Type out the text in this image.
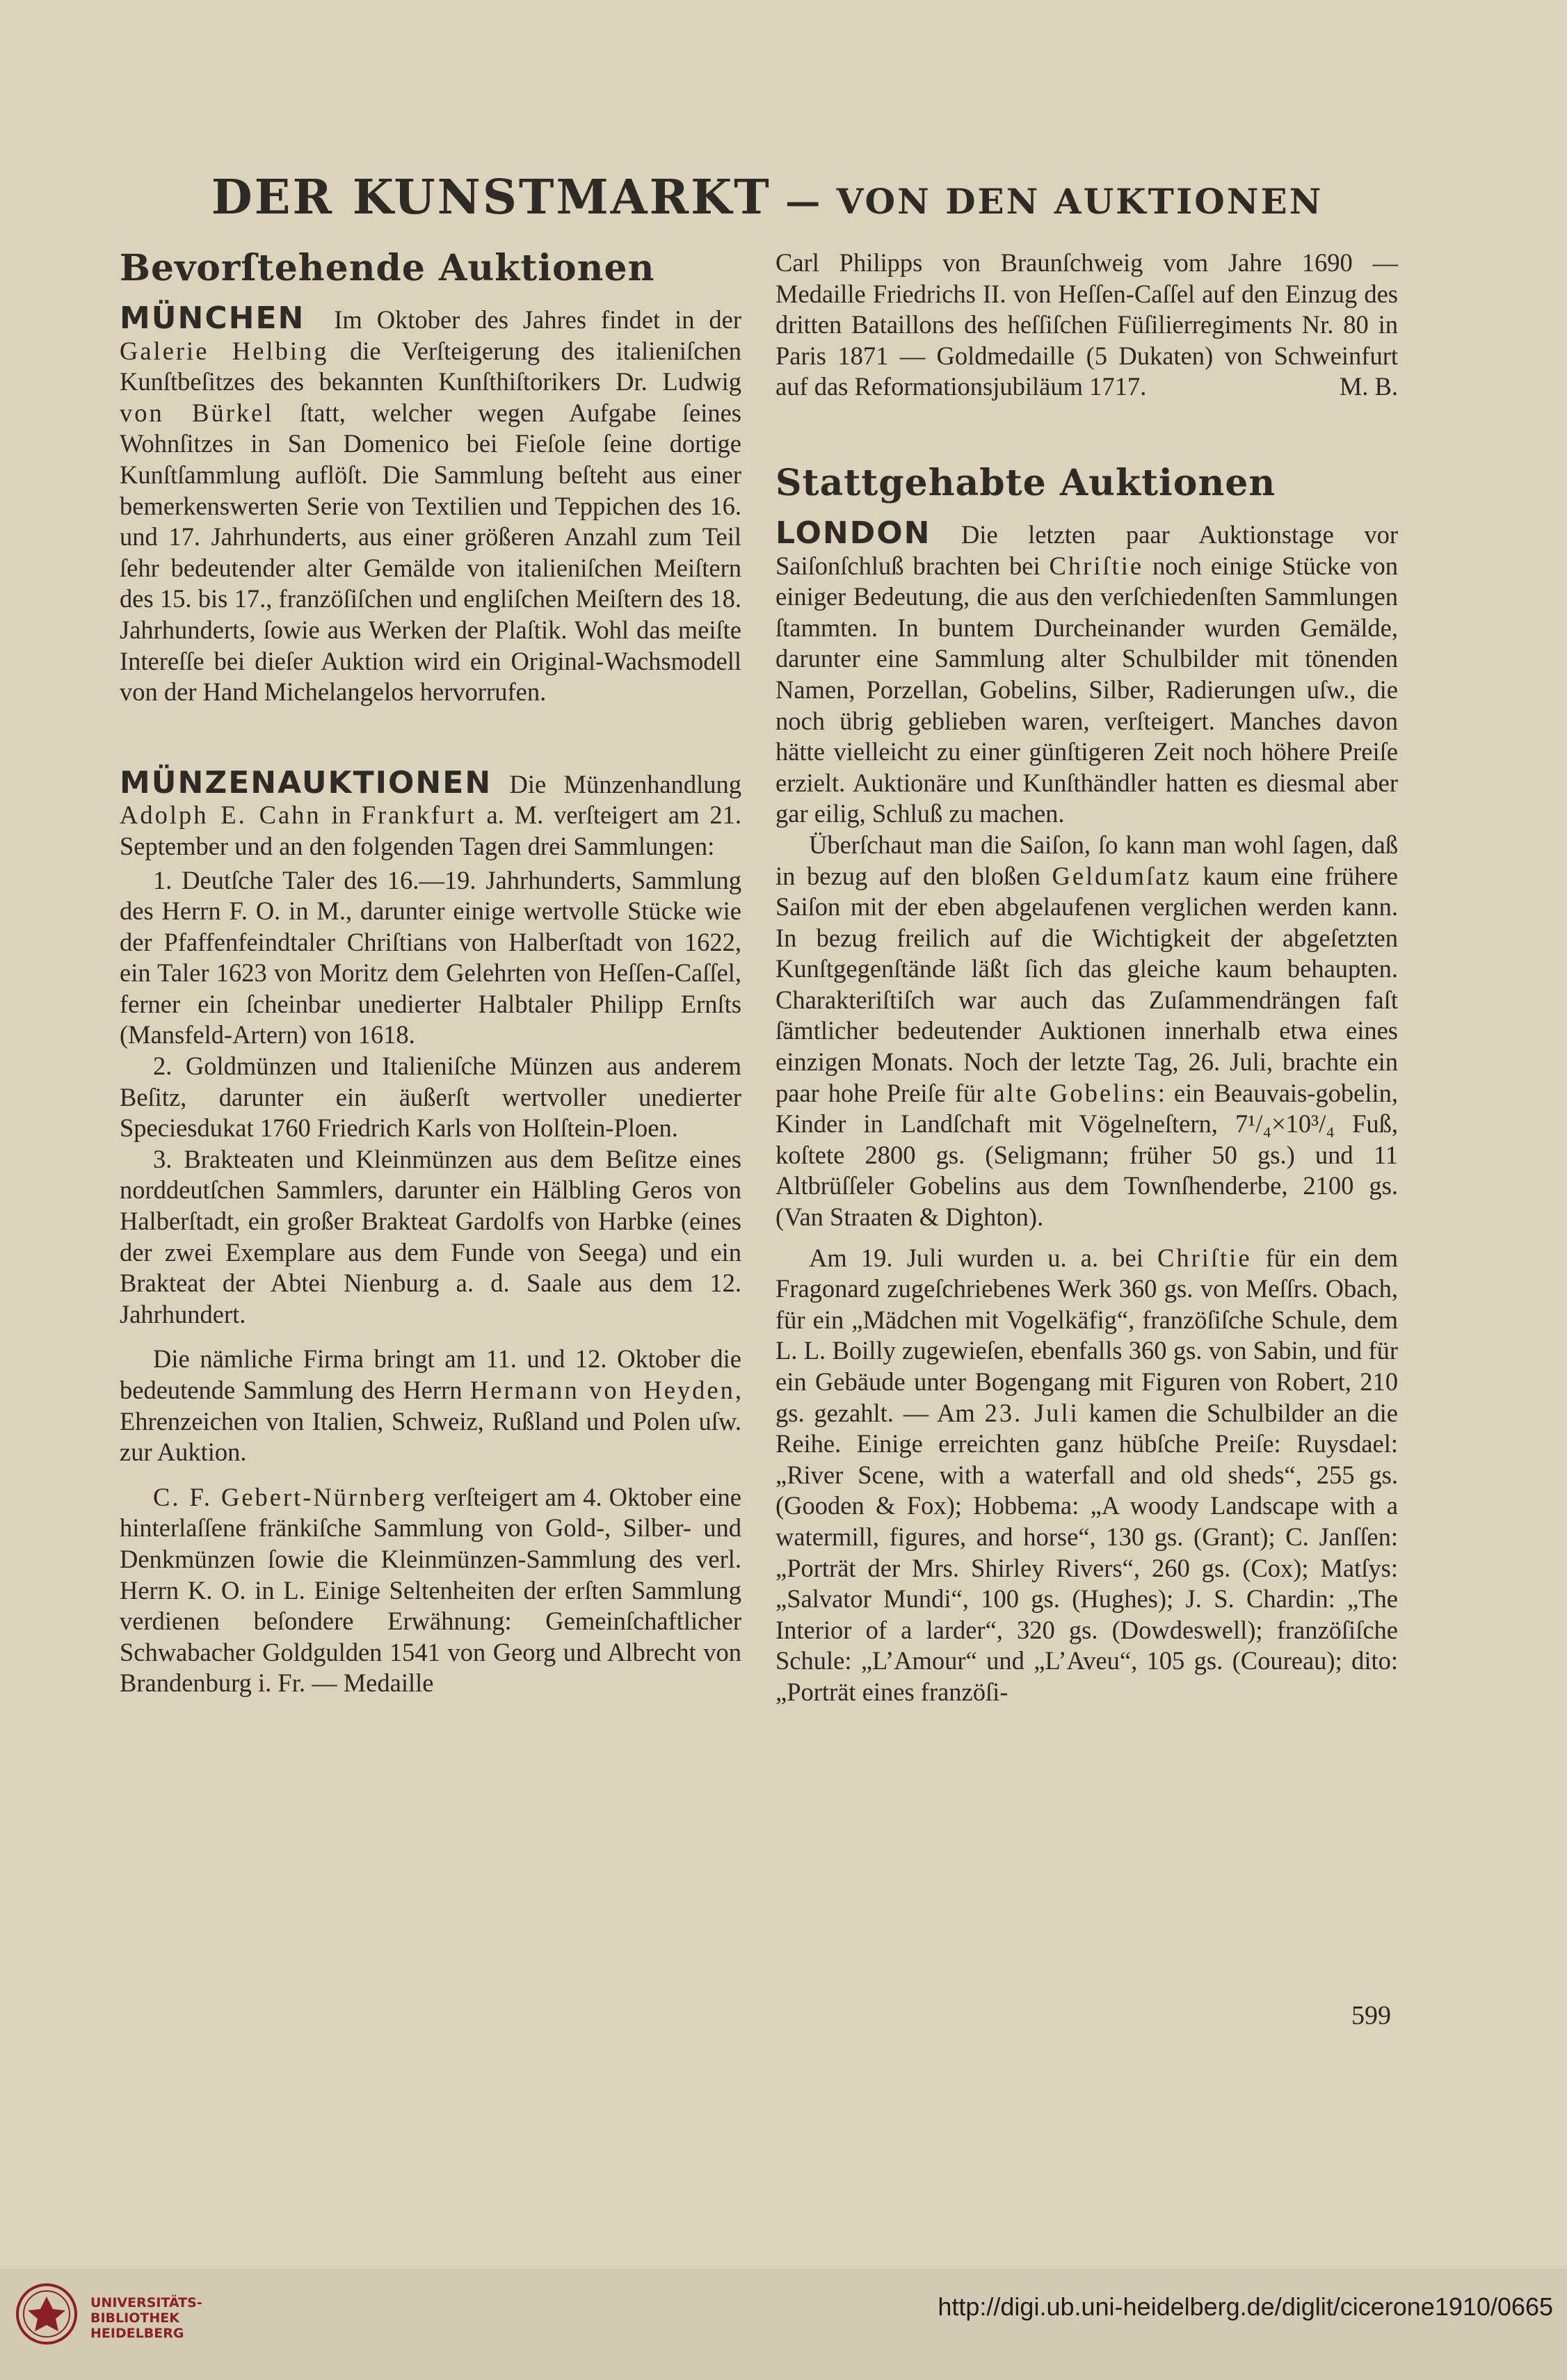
DER KUNSTMARKT — VON DEN AUKTIONEN

Bevorſtehende Auktionen

MÜNCHEN Im Oktober des Jahres findet in der Galerie Helbing die Verſteigerung des italieniſchen Kunſtbeſitzes des bekannten Kunſthiſtorikers Dr. Ludwig von Bürkel ſtatt, welcher wegen Aufgabe ſeines Wohnſitzes in San Domenico bei Fieſole ſeine dortige Kunſtſammlung auflöſt. Die Sammlung beſteht aus einer bemerkenswerten Serie von Textilien und Teppichen des 16. und 17. Jahrhunderts, aus einer größeren Anzahl zum Teil ſehr bedeutender alter Gemälde von italieniſchen Meiſtern des 15. bis 17., franzöſiſchen und engliſchen Meiſtern des 18. Jahrhunderts, ſowie aus Werken der Plaſtik. Wohl das meiſte Intereſſe bei dieſer Auktion wird ein Original-Wachsmodell von der Hand Michelangelos hervorrufen.

MÜNZENAUKTIONEN Die Münzenhandlung Adolph E. Cahn in Frankfurt a. M. verſteigert am 21. September und an den folgenden Tagen drei Sammlungen:

1. Deutſche Taler des 16.—19. Jahrhunderts, Sammlung des Herrn F. O. in M., darunter einige wertvolle Stücke wie der Pfaffenfeindtaler Chriſtians von Halberſtadt von 1622, ein Taler 1623 von Moritz dem Gelehrten von Heſſen-Caſſel, ferner ein ſcheinbar unedierter Halbtaler Philipp Ernſts (Mansfeld-Artern) von 1618.

2. Goldmünzen und Italieniſche Münzen aus anderem Beſitz, darunter ein äußerſt wertvoller unedierter Speciesdukat 1760 Friedrich Karls von Holſtein-Ploen.

3. Brakteaten und Kleinmünzen aus dem Beſitze eines norddeutſchen Sammlers, darunter ein Hälbling Geros von Halberſtadt, ein großer Brakteat Gardolfs von Harbke (eines der zwei Exemplare aus dem Funde von Seega) und ein Brakteat der Abtei Nienburg a. d. Saale aus dem 12. Jahrhundert.

Die nämliche Firma bringt am 11. und 12. Oktober die bedeutende Sammlung des Herrn Hermann von Heyden, Ehrenzeichen von Italien, Schweiz, Rußland und Polen uſw. zur Auktion.

C. F. Gebert-Nürnberg verſteigert am 4. Oktober eine hinterlaſſene fränkiſche Sammlung von Gold-, Silber- und Denkmünzen ſowie die Kleinmünzen-Sammlung des verl. Herrn K. O. in L. Einige Seltenheiten der erſten Sammlung verdienen beſondere Erwähnung: Gemeinſchaftlicher Schwabacher Goldgulden 1541 von Georg und Albrecht von Brandenburg i. Fr. — Medaille

Carl Philipps von Braunſchweig vom Jahre 1690 — Medaille Friedrichs II. von Heſſen-Caſſel auf den Einzug des dritten Bataillons des heſſiſchen Füſilierregiments Nr. 80 in Paris 1871 — Goldmedaille (5 Dukaten) von Schweinfurt auf das Reformationsjubiläum 1717.	M. B.

Stattgehabte Auktionen

LONDON Die letzten paar Auktionstage vor Saiſonſchluß brachten bei Chriſtie noch einige Stücke von einiger Bedeutung, die aus den verſchiedenſten Sammlungen ſtammten. In buntem Durcheinander wurden Gemälde, darunter eine Sammlung alter Schulbilder mit tönenden Namen, Porzellan, Gobelins, Silber, Radierungen uſw., die noch übrig geblieben waren, verſteigert. Manches davon hätte vielleicht zu einer günſtigeren Zeit noch höhere Preiſe erzielt. Auktionäre und Kunſthändler hatten es diesmal aber gar eilig, Schluß zu machen.

Überſchaut man die Saiſon, ſo kann man wohl ſagen, daß in bezug auf den bloßen Geldumſatz kaum eine frühere Saiſon mit der eben abgelaufenen verglichen werden kann. In bezug freilich auf die Wichtigkeit der abgeſetzten Kunſtgegenſtände läßt ſich das gleiche kaum behaupten. Charakteriſtiſch war auch das Zuſammendrängen faſt ſämtlicher bedeutender Auktionen innerhalb etwa eines einzigen Monats. Noch der letzte Tag, 26. Juli, brachte ein paar hohe Preiſe für alte Gobelins: ein Beauvais-gobelin, Kinder in Landſchaft mit Vögelneſtern, 7¹/₄×10³/₄ Fuß, koſtete 2800 gs. (Seligmann; früher 50 gs.) und 11 Altbrüſſeler Gobelins aus dem Townſhenderbe, 2100 gs. (Van Straaten & Dighton).

Am 19. Juli wurden u. a. bei Chriſtie für ein dem Fragonard zugeſchriebenes Werk 360 gs. von Meſſrs. Obach, für ein „Mädchen mit Vogelkäfig“, franzöſiſche Schule, dem L. L. Boilly zugewieſen, ebenfalls 360 gs. von Sabin, und für ein Gebäude unter Bogengang mit Figuren von Robert, 210 gs. gezahlt. — Am 23. Juli kamen die Schulbilder an die Reihe. Einige erreichten ganz hübſche Preiſe: Ruysdael: „River Scene, with a waterfall and old sheds“, 255 gs. (Gooden & Fox); Hobbema: „A woody Landscape with a watermill, figures, and horse“, 130 gs. (Grant); C. Janſſen: „Porträt der Mrs. Shirley Rivers“, 260 gs. (Cox); Matſys: „Salvator Mundi“, 100 gs. (Hughes); J. S. Chardin: „The Interior of a larder“, 320 gs. (Dowdeswell); franzöſiſche Schule: „L’Amour“ und „L’Aveu“, 105 gs. (Coureau); dito: „Porträt eines franzöſi-

599
UNIVERSITÄTS-
BIBLIOTHEK
HEIDELBERG
http://digi.ub.uni-heidelberg.de/diglit/cicerone1910/0665
